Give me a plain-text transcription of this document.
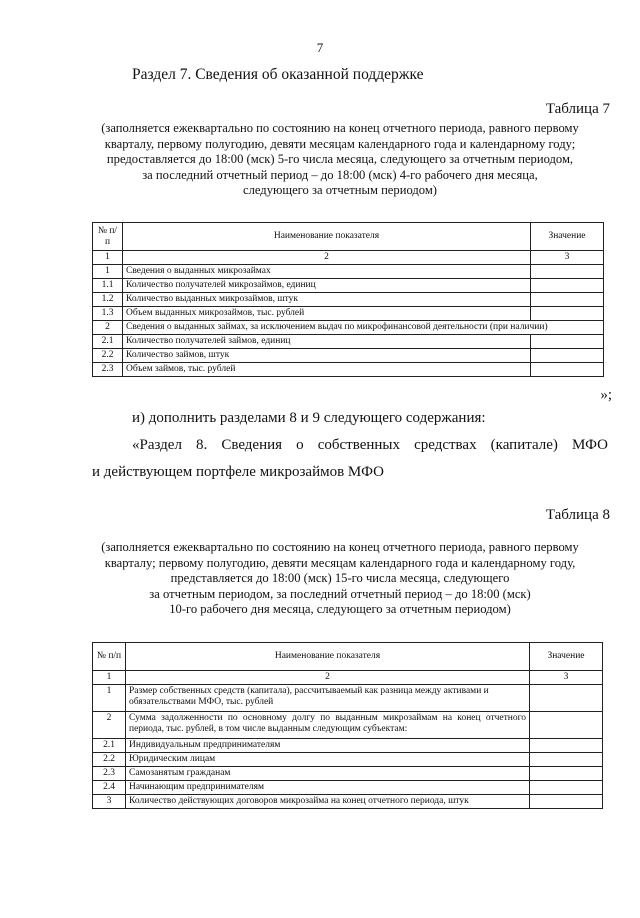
7
Раздел 7. Сведения об оказанной поддержке
Таблица 7
(заполняется ежеквартально по состоянию на конец отчетного периода, равного первому
кварталу, первому полугодию, девяти месяцам календарного года и календарному году;
предоставляется до 18:00 (мск) 5-го числа месяца, следующего за отчетным периодом,
за последний отчетный период – до 18:00 (мск) 4-го рабочего дня месяца,
следующего за отчетным периодом)
№ п/п	Наименование показателя	Значение
1	2	3
1	Сведения о выданных микрозаймах	
1.1	Количество получателей микрозаймов, единиц	
1.2	Количество выданных микрозаймов, штук	
1.3	Объем выданных микрозаймов, тыс. рублей	
2	Сведения о выданных займах, за исключением выдач по микрофинансовой деятельности (при наличии)	
2.1	Количество получателей займов, единиц	
2.2	Количество займов, штук	
2.3	Объем займов, тыс. рублей	
»;
и) дополнить разделами 8 и 9 следующего содержания:
«Раздел 8. Сведения о собственных средствах (капитале) МФО
и действующем портфеле микрозаймов МФО
Таблица 8
(заполняется ежеквартально по состоянию на конец отчетного периода, равного первому
кварталу; первому полугодию, девяти месяцам календарного года и календарному году,
представляется до 18:00 (мск) 15-го числа месяца, следующего
за отчетным периодом, за последний отчетный период – до 18:00 (мск)
10-го рабочего дня месяца, следующего за отчетным периодом)
№ п/п	Наименование показателя	Значение
1	2	3
1	Размер собственных средств (капитала), рассчитываемый как разница между активами и обязательствами МФО, тыс. рублей	
2	Сумма задолженности по основному долгу по выданным микрозаймам на конец отчетного периода, тыс. рублей, в том числе выданным следующим субъектам:	
2.1	Индивидуальным предпринимателям	
2.2	Юридическим лицам	
2.3	Самозанятым гражданам	
2.4	Начинающим предпринимателям	
3	Количество действующих договоров микрозайма на конец отчетного периода, штук	
